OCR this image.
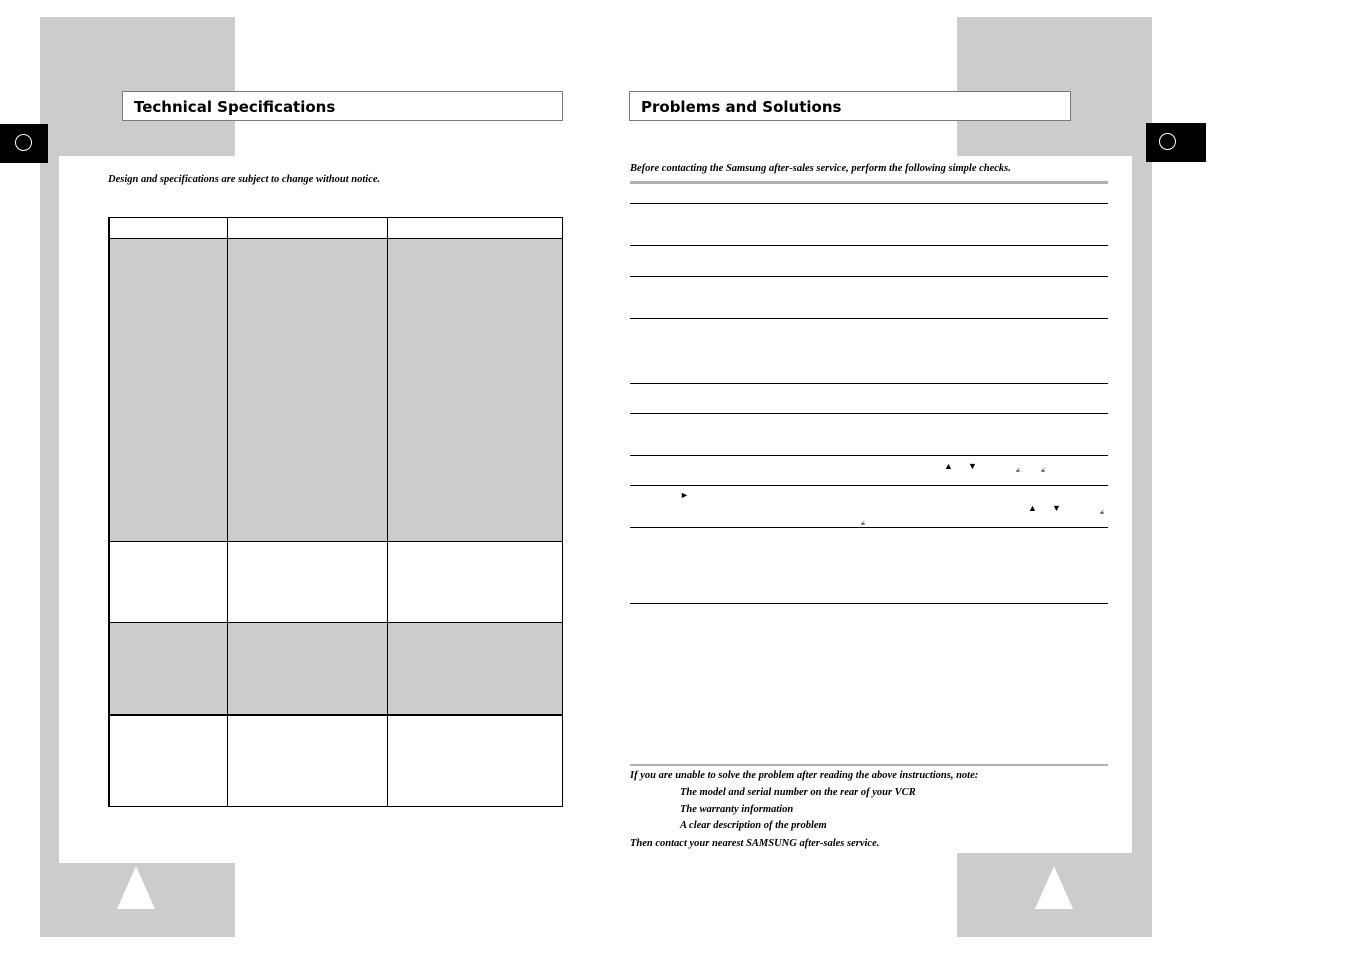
Technical Specifications
Design and specifications are subject to change without notice.
Problems and Solutions
Before contacting the Samsung after-sales service, perform the following simple checks.
▲ ▼	⦤	⦤
►
▲ ▼	⦤
⦤
If you are unable to solve the problem after reading the above instructions, note:
The model and serial number on the rear of your VCR
The warranty information
A clear description of the problem
Then contact your nearest SAMSUNG after-sales service.
